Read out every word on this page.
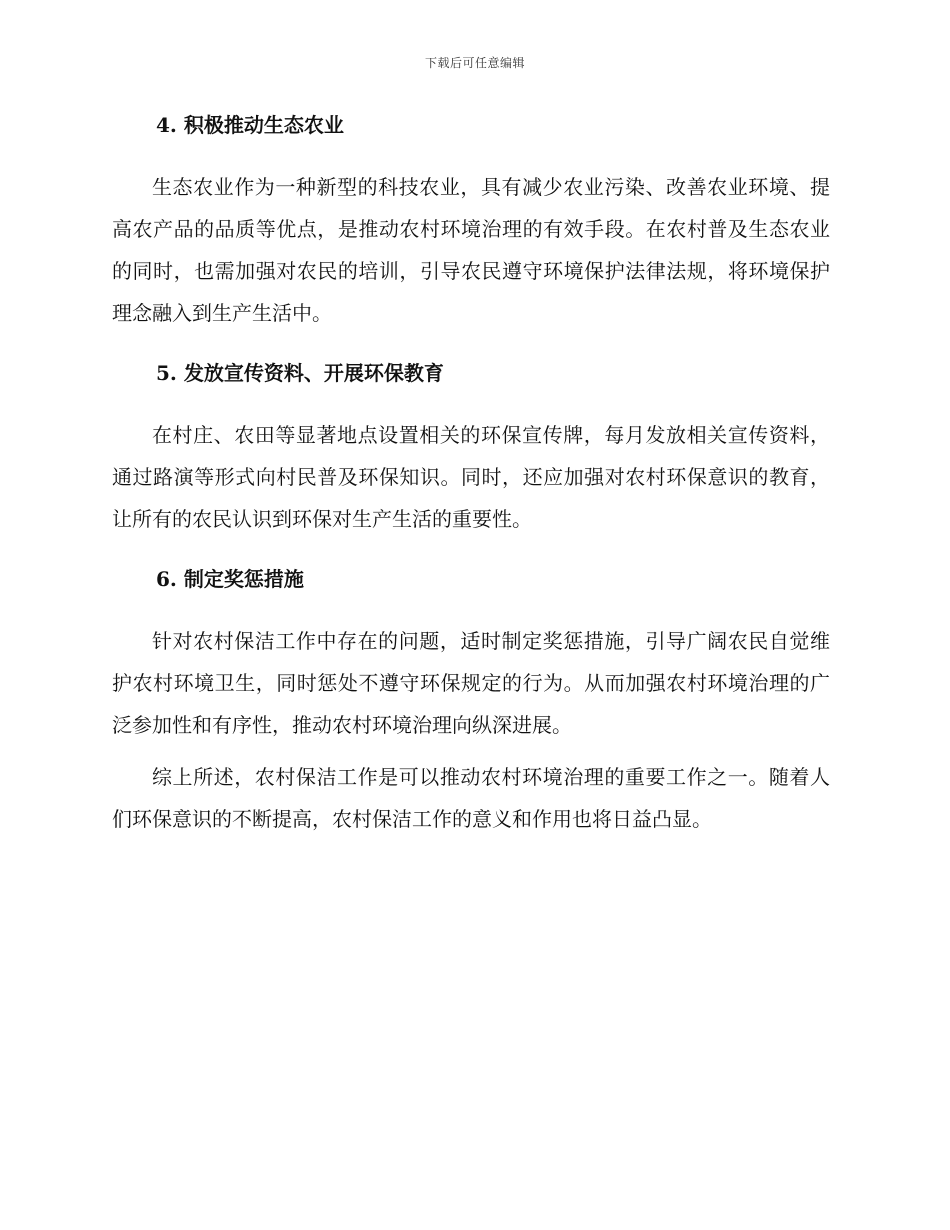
下载后可任意编辑
4. 积极推动生态农业

生态农业作为一种新型的科技农业，具有减少农业污染、改善农业环境、提高农产品的品质等优点，是推动农村环境治理的有效手段。在农村普及生态农业的同时，也需加强对农民的培训，引导农民遵守环境保护法律法规，将环境保护理念融入到生产生活中。

5. 发放宣传资料、开展环保教育

在村庄、农田等显著地点设置相关的环保宣传牌，每月发放相关宣传资料，通过路演等形式向村民普及环保知识。同时，还应加强对农村环保意识的教育，让所有的农民认识到环保对生产生活的重要性。

6. 制定奖惩措施

针对农村保洁工作中存在的问题，适时制定奖惩措施，引导广阔农民自觉维护农村环境卫生，同时惩处不遵守环保规定的行为。从而加强农村环境治理的广泛参加性和有序性，推动农村环境治理向纵深进展。

综上所述，农村保洁工作是可以推动农村环境治理的重要工作之一。随着人们环保意识的不断提高，农村保洁工作的意义和作用也将日益凸显。
